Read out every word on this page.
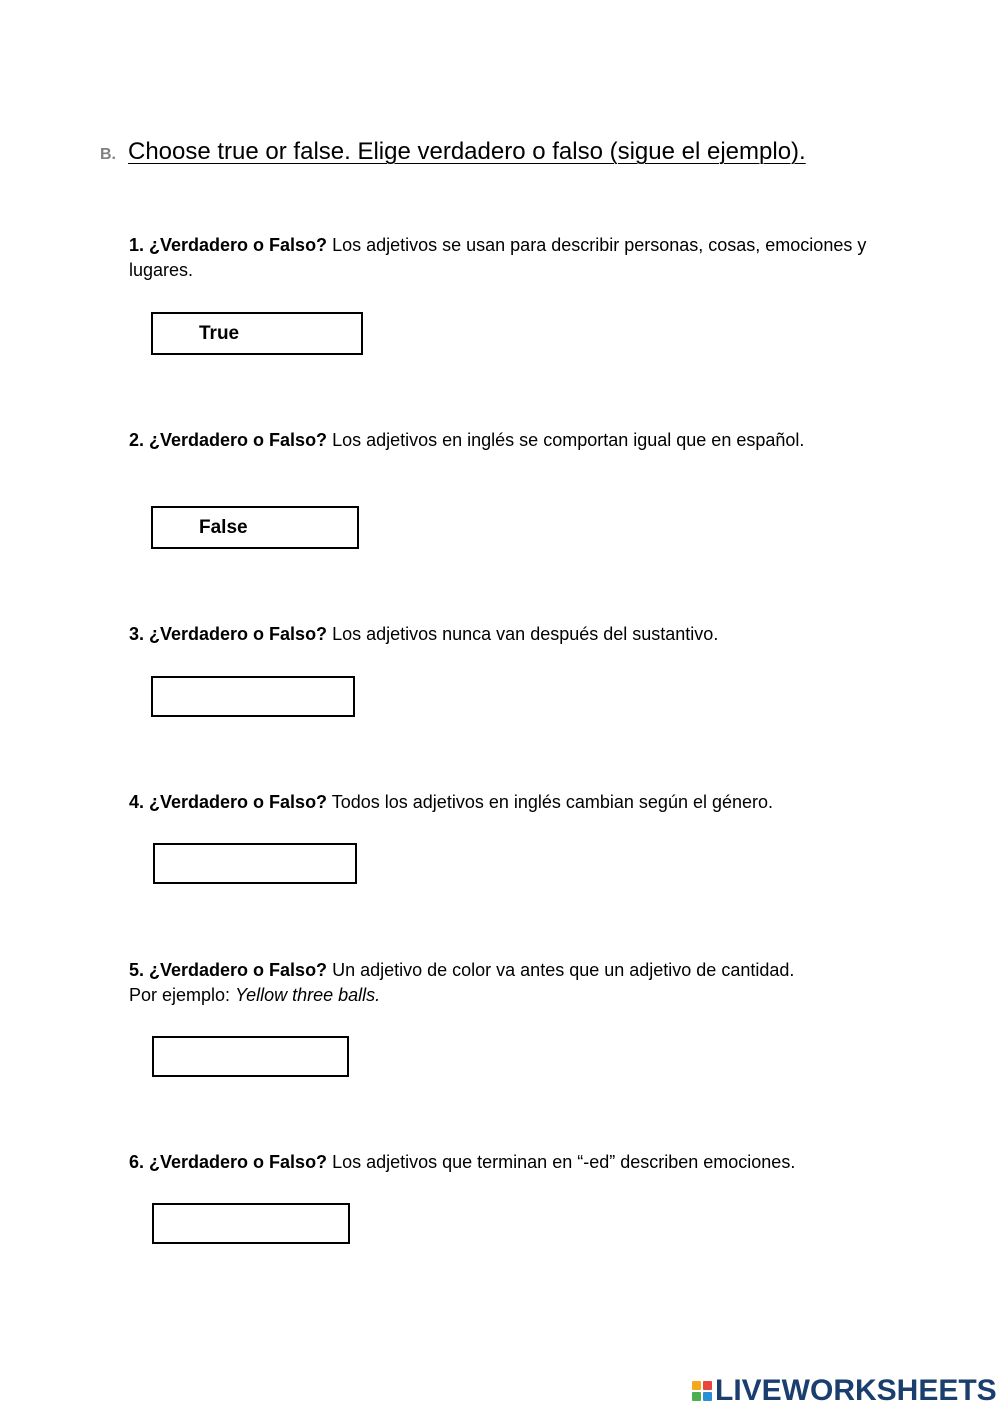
B. Choose true or false. Elige verdadero o falso (sigue el ejemplo).
1. ¿Verdadero o Falso? Los adjetivos se usan para describir personas, cosas, emociones y lugares.
True
2. ¿Verdadero o Falso? Los adjetivos en inglés se comportan igual que en español.
False
3. ¿Verdadero o Falso? Los adjetivos nunca van después del sustantivo.
4. ¿Verdadero o Falso? Todos los adjetivos en inglés cambian según el género.
5. ¿Verdadero o Falso? Un adjetivo de color va antes que un adjetivo de cantidad.
Por ejemplo: Yellow three balls.
6. ¿Verdadero o Falso? Los adjetivos que terminan en “-ed” describen emociones.
LIVEWORKSHEETS
